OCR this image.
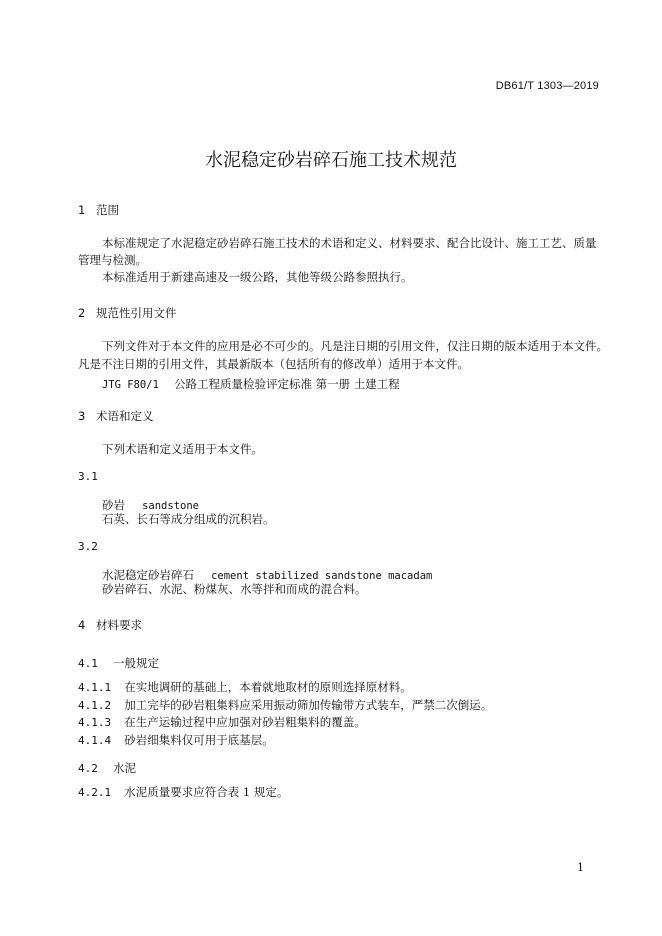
DB61/T 1303—2019
水泥稳定砂岩碎石施工技术规范
1 范围
本标准规定了水泥稳定砂岩碎石施工技术的术语和定义、材料要求、配合比设计、施工工艺、质量
管理与检测。
本标准适用于新建高速及一级公路，其他等级公路参照执行。
2 规范性引用文件
下列文件对于本文件的应用是必不可少的。凡是注日期的引用文件，仅注日期的版本适用于本文件。
凡是不注日期的引用文件，其最新版本（包括所有的修改单）适用于本文件。
JTG F80/1 公路工程质量检验评定标准 第一册 土建工程
3 术语和定义
下列术语和定义适用于本文件。
3.1
砂岩 sandstone
石英、长石等成分组成的沉积岩。
3.2
水泥稳定砂岩碎石 cement stabilized sandstone macadam
砂岩碎石、水泥、粉煤灰、水等拌和而成的混合料。
4 材料要求
4.1 一般规定
4.1.1 在实地调研的基础上，本着就地取材的原则选择原材料。
4.1.2 加工完毕的砂岩粗集料应采用振动筛加传输带方式装车，严禁二次倒运。
4.1.3 在生产运输过程中应加强对砂岩粗集料的覆盖。
4.1.4 砂岩细集料仅可用于底基层。
4.2 水泥
4.2.1 水泥质量要求应符合表 1 规定。
1
